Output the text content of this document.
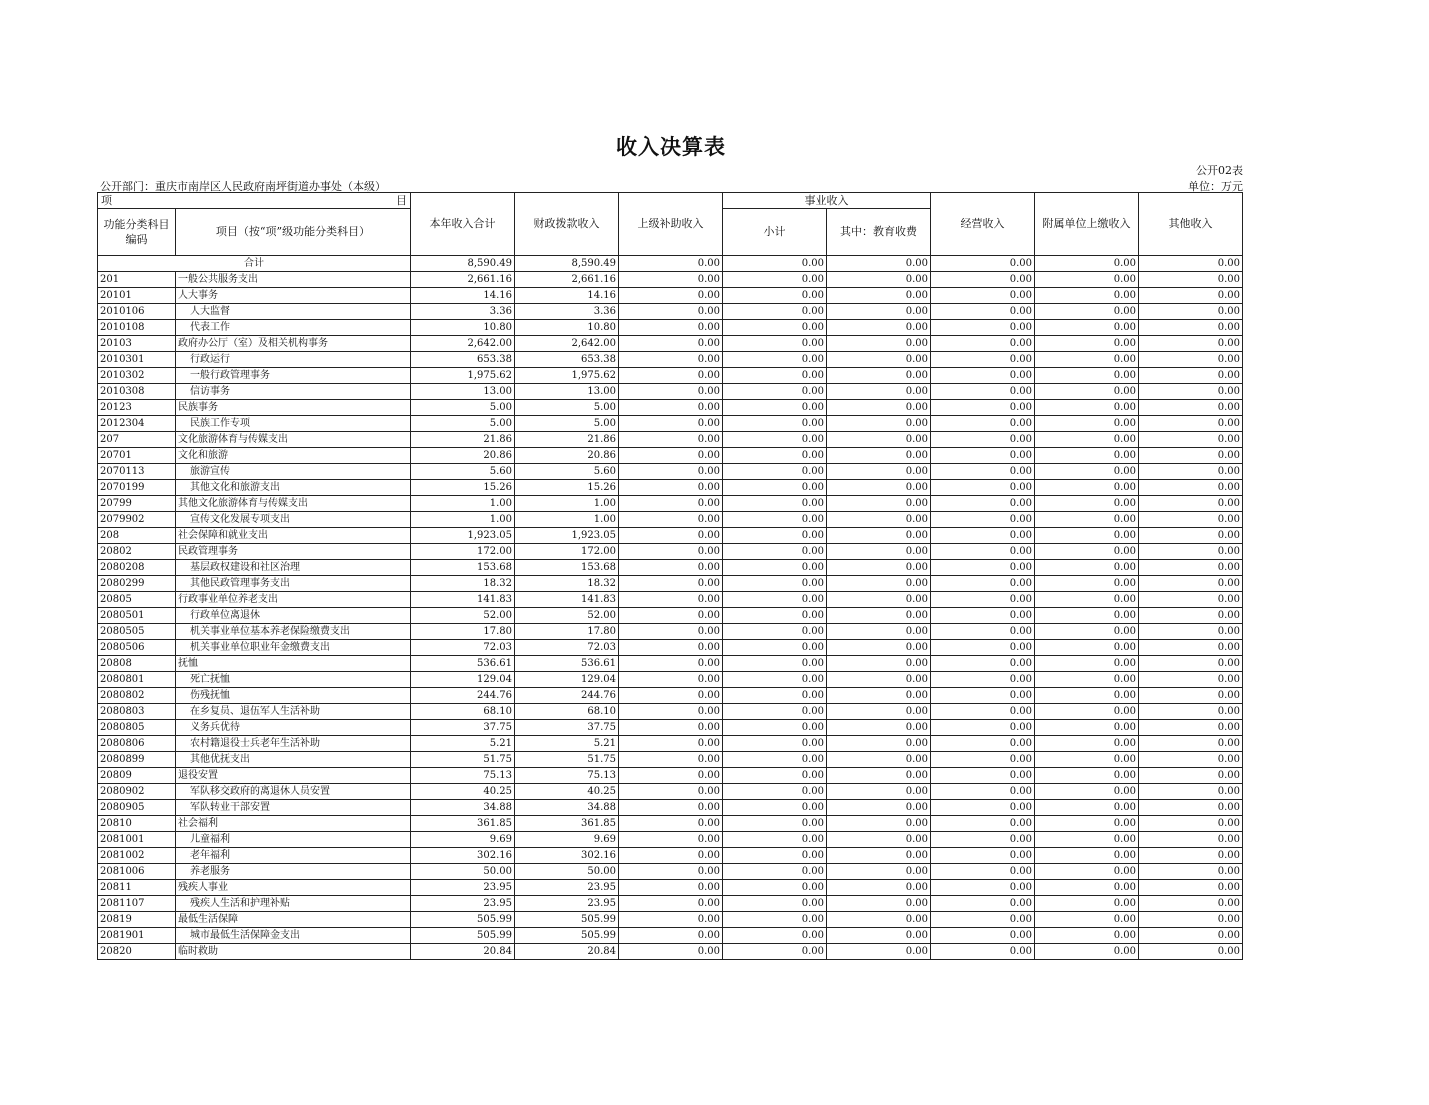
收入决算表
公开02表
公开部门：重庆市南岸区人民政府南坪街道办事处（本级）	单位：万元
项 目		本年收入合计	财政拨款收入	上级补助收入	事业收入		经营收入	附属单位上缴收入	其他收入
功能分类科目编码	项目（按“项”级功能分类科目）				小计	其中：教育收费			

合计		8,590.49	8,590.49	0.00	0.00	0.00	0.00	0.00	0.00
201	一般公共服务支出	2,661.16	2,661.16	0.00	0.00	0.00	0.00	0.00	0.00
20101	人大事务	14.16	14.16	0.00	0.00	0.00	0.00	0.00	0.00
2010106	人大监督	3.36	3.36	0.00	0.00	0.00	0.00	0.00	0.00
2010108	代表工作	10.80	10.80	0.00	0.00	0.00	0.00	0.00	0.00
20103	政府办公厅（室）及相关机构事务	2,642.00	2,642.00	0.00	0.00	0.00	0.00	0.00	0.00
2010301	行政运行	653.38	653.38	0.00	0.00	0.00	0.00	0.00	0.00
2010302	一般行政管理事务	1,975.62	1,975.62	0.00	0.00	0.00	0.00	0.00	0.00
2010308	信访事务	13.00	13.00	0.00	0.00	0.00	0.00	0.00	0.00
20123	民族事务	5.00	5.00	0.00	0.00	0.00	0.00	0.00	0.00
2012304	民族工作专项	5.00	5.00	0.00	0.00	0.00	0.00	0.00	0.00
207	文化旅游体育与传媒支出	21.86	21.86	0.00	0.00	0.00	0.00	0.00	0.00
20701	文化和旅游	20.86	20.86	0.00	0.00	0.00	0.00	0.00	0.00
2070113	旅游宣传	5.60	5.60	0.00	0.00	0.00	0.00	0.00	0.00
2070199	其他文化和旅游支出	15.26	15.26	0.00	0.00	0.00	0.00	0.00	0.00
20799	其他文化旅游体育与传媒支出	1.00	1.00	0.00	0.00	0.00	0.00	0.00	0.00
2079902	宣传文化发展专项支出	1.00	1.00	0.00	0.00	0.00	0.00	0.00	0.00
208	社会保障和就业支出	1,923.05	1,923.05	0.00	0.00	0.00	0.00	0.00	0.00
20802	民政管理事务	172.00	172.00	0.00	0.00	0.00	0.00	0.00	0.00
2080208	基层政权建设和社区治理	153.68	153.68	0.00	0.00	0.00	0.00	0.00	0.00
2080299	其他民政管理事务支出	18.32	18.32	0.00	0.00	0.00	0.00	0.00	0.00
20805	行政事业单位养老支出	141.83	141.83	0.00	0.00	0.00	0.00	0.00	0.00
2080501	行政单位离退休	52.00	52.00	0.00	0.00	0.00	0.00	0.00	0.00
2080505	机关事业单位基本养老保险缴费支出	17.80	17.80	0.00	0.00	0.00	0.00	0.00	0.00
2080506	机关事业单位职业年金缴费支出	72.03	72.03	0.00	0.00	0.00	0.00	0.00	0.00
20808	抚恤	536.61	536.61	0.00	0.00	0.00	0.00	0.00	0.00
2080801	死亡抚恤	129.04	129.04	0.00	0.00	0.00	0.00	0.00	0.00
2080802	伤残抚恤	244.76	244.76	0.00	0.00	0.00	0.00	0.00	0.00
2080803	在乡复员、退伍军人生活补助	68.10	68.10	0.00	0.00	0.00	0.00	0.00	0.00
2080805	义务兵优待	37.75	37.75	0.00	0.00	0.00	0.00	0.00	0.00
2080806	农村籍退役士兵老年生活补助	5.21	5.21	0.00	0.00	0.00	0.00	0.00	0.00
2080899	其他优抚支出	51.75	51.75	0.00	0.00	0.00	0.00	0.00	0.00
20809	退役安置	75.13	75.13	0.00	0.00	0.00	0.00	0.00	0.00
2080902	军队移交政府的离退休人员安置	40.25	40.25	0.00	0.00	0.00	0.00	0.00	0.00
2080905	军队转业干部安置	34.88	34.88	0.00	0.00	0.00	0.00	0.00	0.00
20810	社会福利	361.85	361.85	0.00	0.00	0.00	0.00	0.00	0.00
2081001	儿童福利	9.69	9.69	0.00	0.00	0.00	0.00	0.00	0.00
2081002	老年福利	302.16	302.16	0.00	0.00	0.00	0.00	0.00	0.00
2081006	养老服务	50.00	50.00	0.00	0.00	0.00	0.00	0.00	0.00
20811	残疾人事业	23.95	23.95	0.00	0.00	0.00	0.00	0.00	0.00
2081107	残疾人生活和护理补贴	23.95	23.95	0.00	0.00	0.00	0.00	0.00	0.00
20819	最低生活保障	505.99	505.99	0.00	0.00	0.00	0.00	0.00	0.00
2081901	城市最低生活保障金支出	505.99	505.99	0.00	0.00	0.00	0.00	0.00	0.00
20820	临时救助	20.84	20.84	0.00	0.00	0.00	0.00	0.00	0.00
